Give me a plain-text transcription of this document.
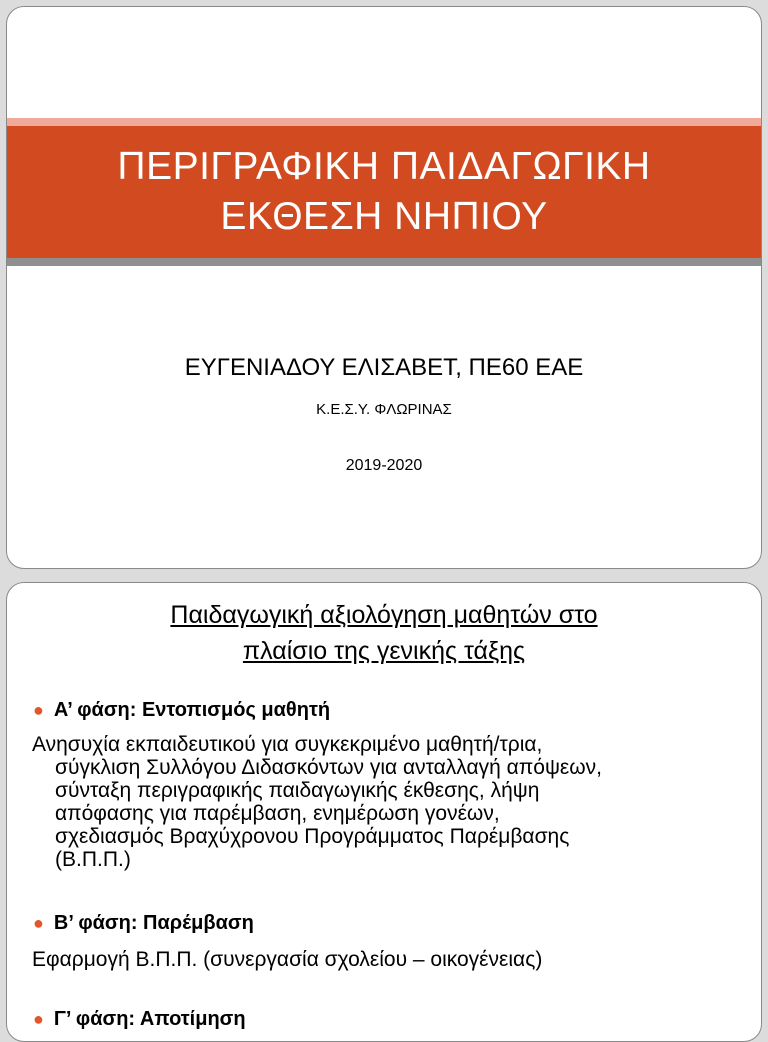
ΠΕΡΙΓΡΑΦΙΚΗ ΠΑΙΔΑΓΩΓΙΚΗ
ΕΚΘΕΣΗ ΝΗΠΙΟΥ
ΕΥΓΕΝΙΑΔΟΥ ΕΛΙΣΑΒΕΤ, ΠΕ60 ΕΑΕ
Κ.Ε.Σ.Υ. ΦΛΩΡΙΝΑΣ
2019-2020
Παιδαγωγική αξιολόγηση μαθητών στο
πλαίσιο της γενικής τάξης
● Α’ φάση: Εντοπισμός μαθητή
Ανησυχία εκπαιδευτικού για συγκεκριμένο μαθητή/τρια,
σύγκλιση Συλλόγου Διδασκόντων για ανταλλαγή απόψεων,
σύνταξη περιγραφικής παιδαγωγικής έκθεσης, λήψη
απόφασης για παρέμβαση, ενημέρωση γονέων,
σχεδιασμός Βραχύχρονου Προγράμματος Παρέμβασης
(Β.Π.Π.)
● Β’ φάση: Παρέμβαση
Εφαρμογή Β.Π.Π. (συνεργασία σχολείου – οικογένειας)
● Γ’ φάση: Αποτίμηση
